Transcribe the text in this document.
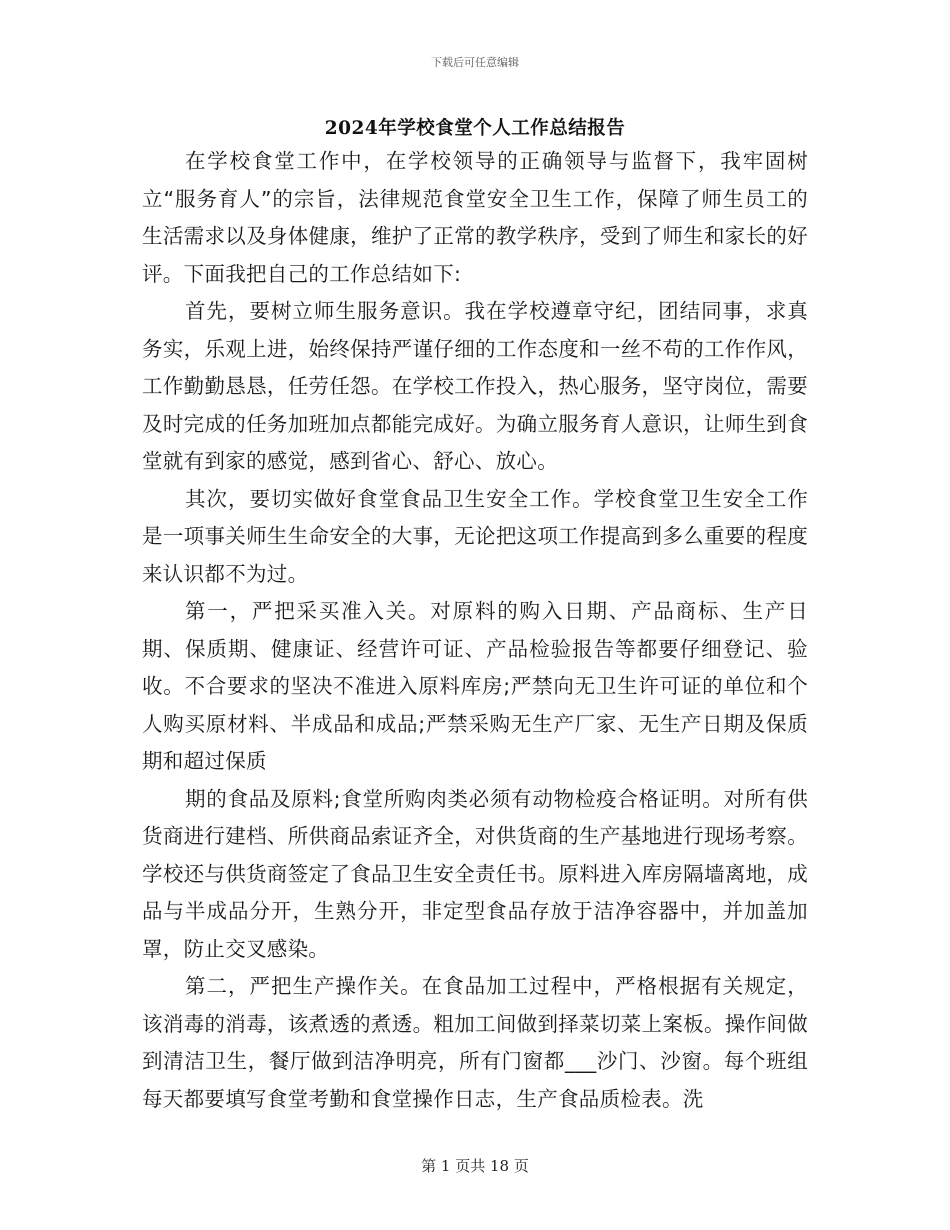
下载后可任意编辑
2024年学校食堂个人工作总结报告

在学校食堂工作中，在学校领导的正确领导与监督下，我牢固树立“服务育人”的宗旨，法律规范食堂安全卫生工作，保障了师生员工的生活需求以及身体健康，维护了正常的教学秩序，受到了师生和家长的好评。下面我把自己的工作总结如下:

首先，要树立师生服务意识。我在学校遵章守纪，团结同事，求真务实，乐观上进，始终保持严谨仔细的工作态度和一丝不苟的工作作风，工作勤勤恳恳，任劳任怨。在学校工作投入，热心服务，坚守岗位，需要及时完成的任务加班加点都能完成好。为确立服务育人意识，让师生到食堂就有到家的感觉，感到省心、舒心、放心。

其次，要切实做好食堂食品卫生安全工作。学校食堂卫生安全工作是一项事关师生生命安全的大事，无论把这项工作提高到多么重要的程度来认识都不为过。

第一，严把采买准入关。对原料的购入日期、产品商标、生产日期、保质期、健康证、经营许可证、产品检验报告等都要仔细登记、验收。不合要求的坚决不准进入原料库房;严禁向无卫生许可证的单位和个人购买原材料、半成品和成品;严禁采购无生产厂家、无生产日期及保质期和超过保质

期的食品及原料;食堂所购肉类必须有动物检疫合格证明。对所有供货商进行建档、所供商品索证齐全，对供货商的生产基地进行现场考察。学校还与供货商签定了食品卫生安全责任书。原料进入库房隔墙离地，成品与半成品分开，生熟分开，非定型食品存放于洁净容器中，并加盖加罩，防止交叉感染。

第二，严把生产操作关。在食品加工过程中，严格根据有关规定，该消毒的消毒，该煮透的煮透。粗加工间做到择菜切菜上案板。操作间做到清洁卫生，餐厅做到洁净明亮，所有门窗都___沙门、沙窗。每个班组每天都要填写食堂考勤和食堂操作日志，生产食品质检表。洗

第 1 页共 18 页
